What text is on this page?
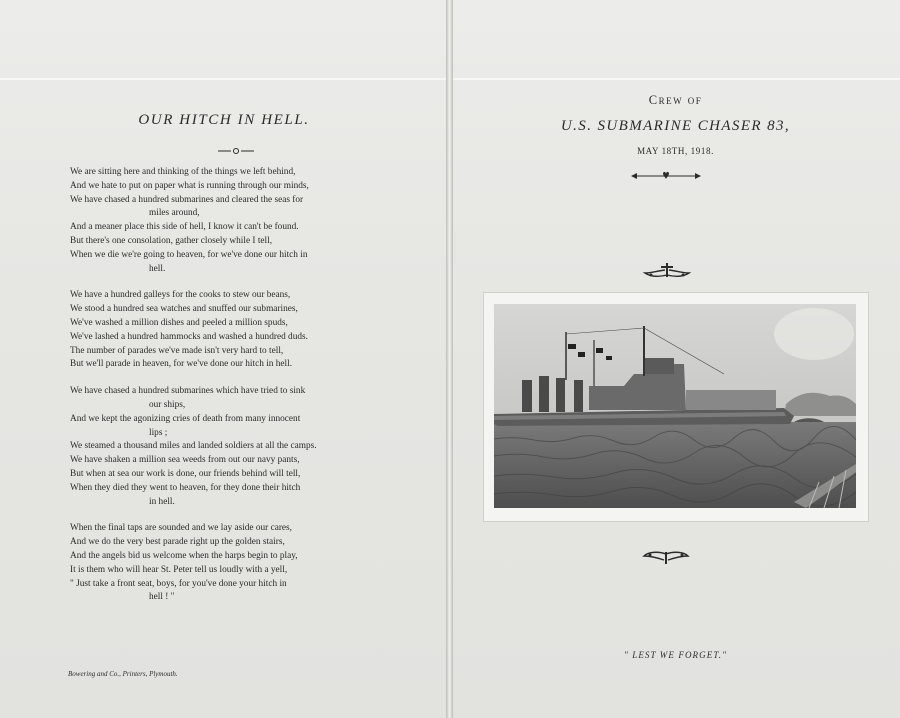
OUR HITCH IN HELL.
We are sitting here and thinking of the things we left behind,
And we hate to put on paper what is running through our minds,
We have chased a hundred submarines and cleared the seas for
miles around,
And a meaner place this side of hell, I know it can't be found.
But there's one consolation, gather closely while I tell,
When we die we're going to heaven, for we've done our hitch in
hell.
We have a hundred galleys for the cooks to stew our beans,
We stood a hundred sea watches and snuffed our submarines,
We've washed a million dishes and peeled a million spuds,
We've lashed a hundred hammocks and washed a hundred duds.
The number of parades we've made isn't very hard to tell,
But we'll parade in heaven, for we've done our hitch in hell.
We have chased a hundred submarines which have tried to sink
our ships,
And we kept the agonizing cries of death from many innocent
lips ;
We steamed a thousand miles and landed soldiers at all the camps.
We have shaken a million sea weeds from out our navy pants,
But when at sea our work is done, our friends behind will tell,
When they died they went to heaven, for they done their hitch
in hell.
When the final taps are sounded and we lay aside our cares,
And we do the very best parade right up the golden stairs,
And the angels bid us welcome when the harps begin to play,
It is them who will hear St. Peter tell us loudly with a yell,
" Just take a front seat, boys, for you've done your hitch in
hell ! "
Bowering and Co., Printers, Plymouth.
Crew of
U.S. SUBMARINE CHASER 83,
MAY 18TH, 1918.
" LEST WE FORGET."
